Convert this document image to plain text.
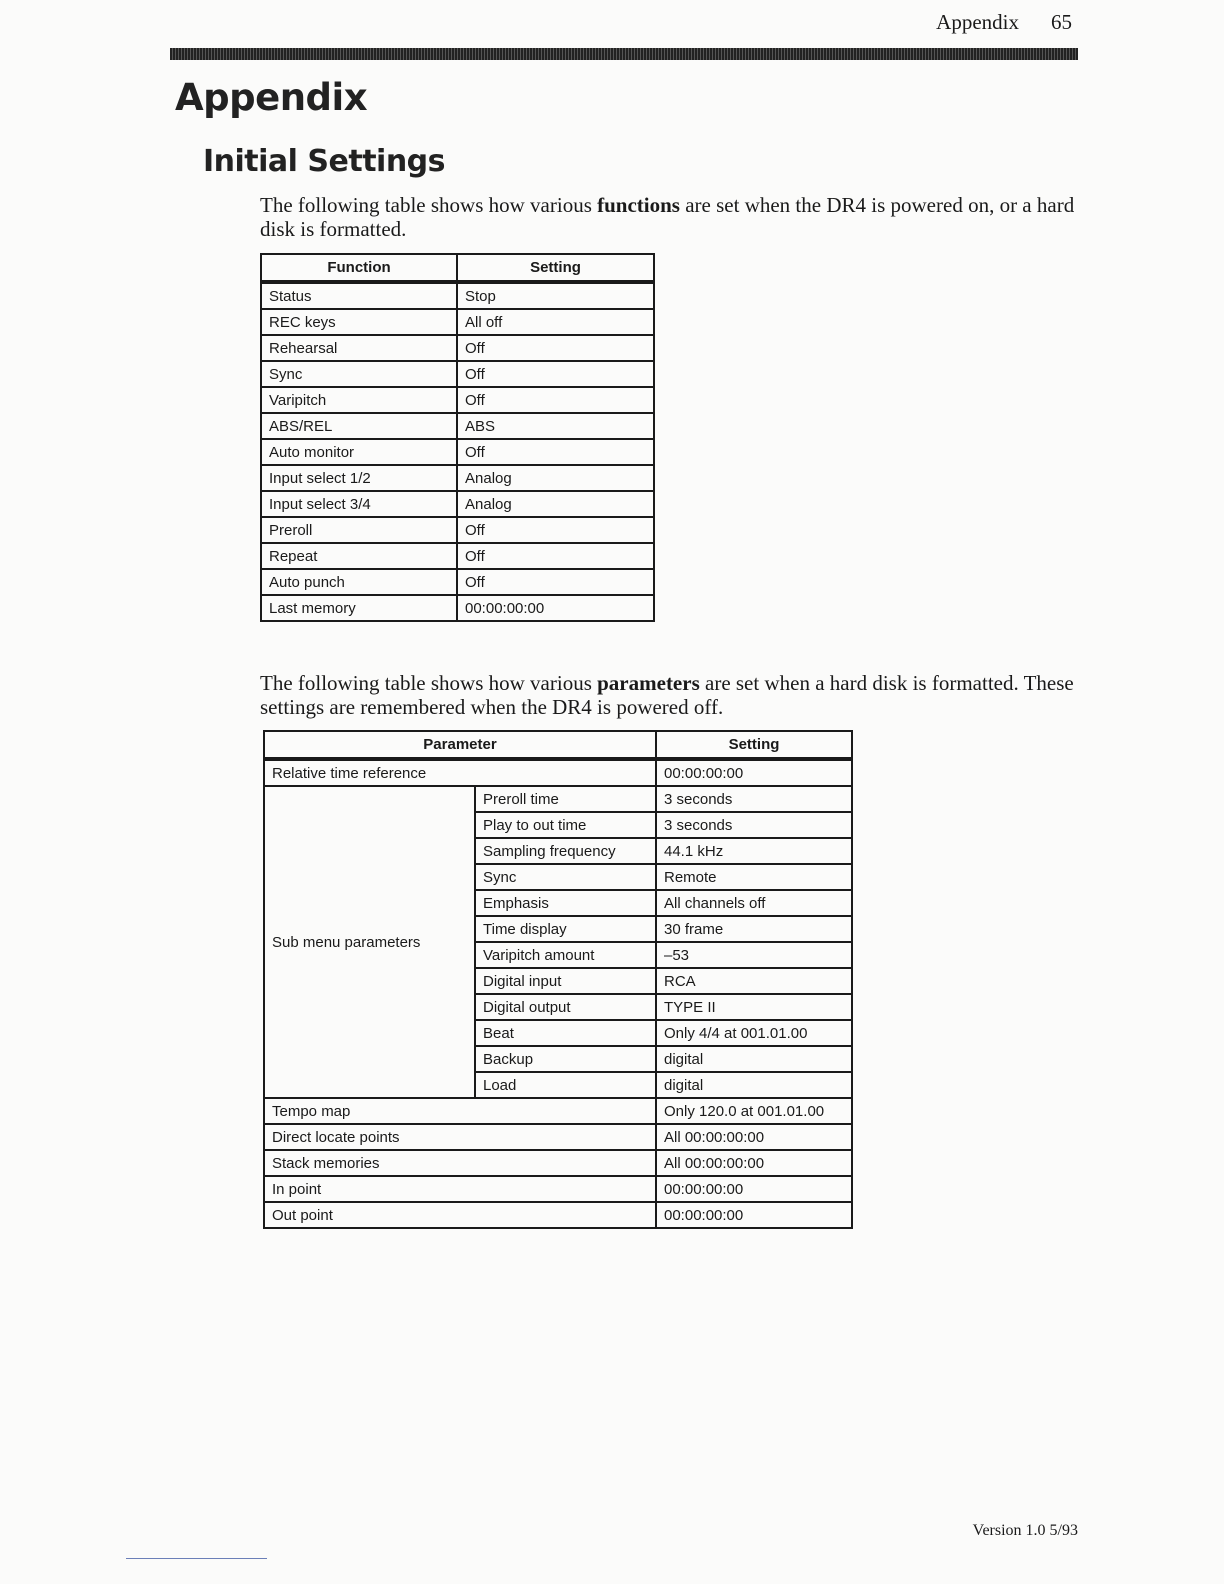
Appendix 65
Appendix
Initial Settings

The following table shows how various functions are set when the DR4 is powered on, or a hard disk is formatted.

Function	Setting
Status	Stop
REC keys	All off
Rehearsal	Off
Sync	Off
Varipitch	Off
ABS/REL	ABS
Auto monitor	Off
Input select 1/2	Analog
Input select 3/4	Analog
Preroll	Off
Repeat	Off
Auto punch	Off
Last memory	00:00:00:00

The following table shows how various parameters are set when a hard disk is formatted. These settings are remembered when the DR4 is powered off.

Parameter		Setting
Relative time reference		00:00:00:00
Sub menu parameters	Preroll time	3 seconds
	Play to out time	3 seconds
	Sampling frequency	44.1 kHz
	Sync	Remote
	Emphasis	All channels off
	Time display	30 frame
	Varipitch amount	–53
	Digital input	RCA
	Digital output	TYPE II
	Beat	Only 4/4 at 001.01.00
	Backup	digital
	Load	digital
Tempo map		Only 120.0 at 001.01.00
Direct locate points		All 00:00:00:00
Stack memories		All 00:00:00:00
In point		00:00:00:00
Out point		00:00:00:00
Version 1.0 5/93
